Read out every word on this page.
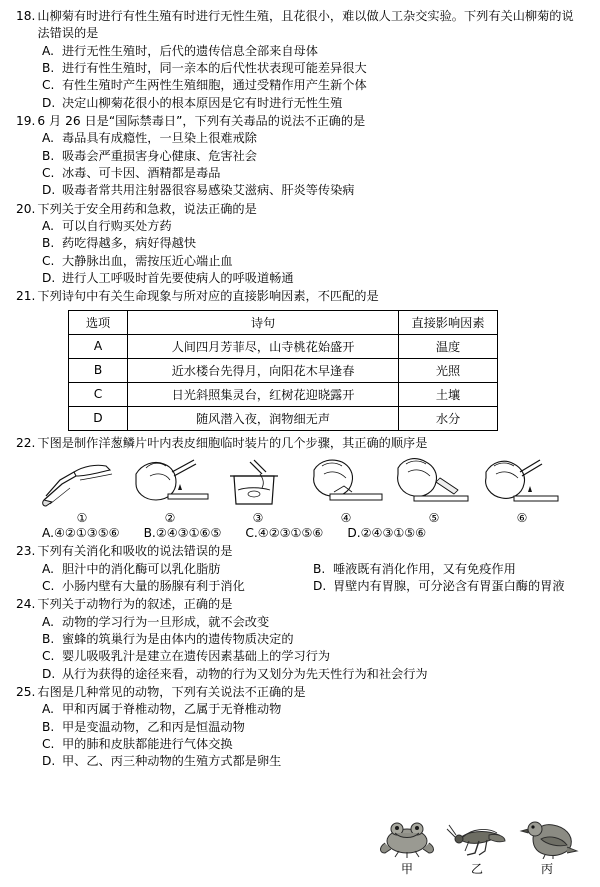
18. 山柳菊有时进行有性生殖有时进行无性生殖，且花很小，难以做人工杂交实验。下列有关山柳菊的说法错误的是
A. 进行无性生殖时，后代的遗传信息全部来自母体
B. 进行有性生殖时，同一亲本的后代性状表现可能差异很大
C. 有性生殖时产生两性生殖细胞，通过受精作用产生新个体
D. 决定山柳菊花很小的根本原因是它有时进行无性生殖
19. 6 月 26 日是“国际禁毒日”，下列有关毒品的说法不正确的是
A. 毒品具有成瘾性，一旦染上很难戒除
B. 吸毒会严重损害身心健康、危害社会
C. 冰毒、可卡因、酒精都是毒品
D. 吸毒者常共用注射器很容易感染艾滋病、肝炎等传染病
20. 下列关于安全用药和急救，说法正确的是
A. 可以自行购买处方药
B. 药吃得越多，病好得越快
C. 大静脉出血，需按压近心端止血
D. 进行人工呼吸时首先要使病人的呼吸道畅通
21. 下列诗句中有关生命现象与所对应的直接影响因素，不匹配的是
选项	诗句	直接影响因素
A	人间四月芳菲尽，山寺桃花始盛开	温度
B	近水楼台先得月，向阳花木早逢春	光照
C	日光斜照集灵台，红树花迎晓露开	土壤
D	随风潜入夜，润物细无声	水分
22. 下图是制作洋葱鳞片叶内表皮细胞临时装片的几个步骤，其正确的顺序是
①	②	③	④	⑤	⑥
A.④②①③⑤⑥ B.②④③①⑥⑤ C.④②③①⑤⑥ D.②④③①⑤⑥
23. 下列有关消化和吸收的说法错误的是
A. 胆汁中的消化酶可以乳化脂肪	B. 唾液既有消化作用，又有免疫作用
C. 小肠内壁有大量的肠腺有利于消化	D. 胃壁内有胃腺，可分泌含有胃蛋白酶的胃液
24. 下列关于动物行为的叙述，正确的是
A. 动物的学习行为一旦形成，就不会改变
B. 蜜蜂的筑巢行为是由体内的遗传物质决定的
C. 婴儿吸吸乳汁是建立在遗传因素基础上的学习行为
D. 从行为获得的途径来看，动物的行为又划分为先天性行为和社会行为
25. 右图是几种常见的动物，下列有关说法不正确的是
A. 甲和丙属于脊椎动物，乙属于无脊椎动物
B. 甲是变温动物，乙和丙是恒温动物
C. 甲的肺和皮肤都能进行气体交换
D. 甲、乙、丙三种动物的生殖方式都是卵生
甲	乙	丙
